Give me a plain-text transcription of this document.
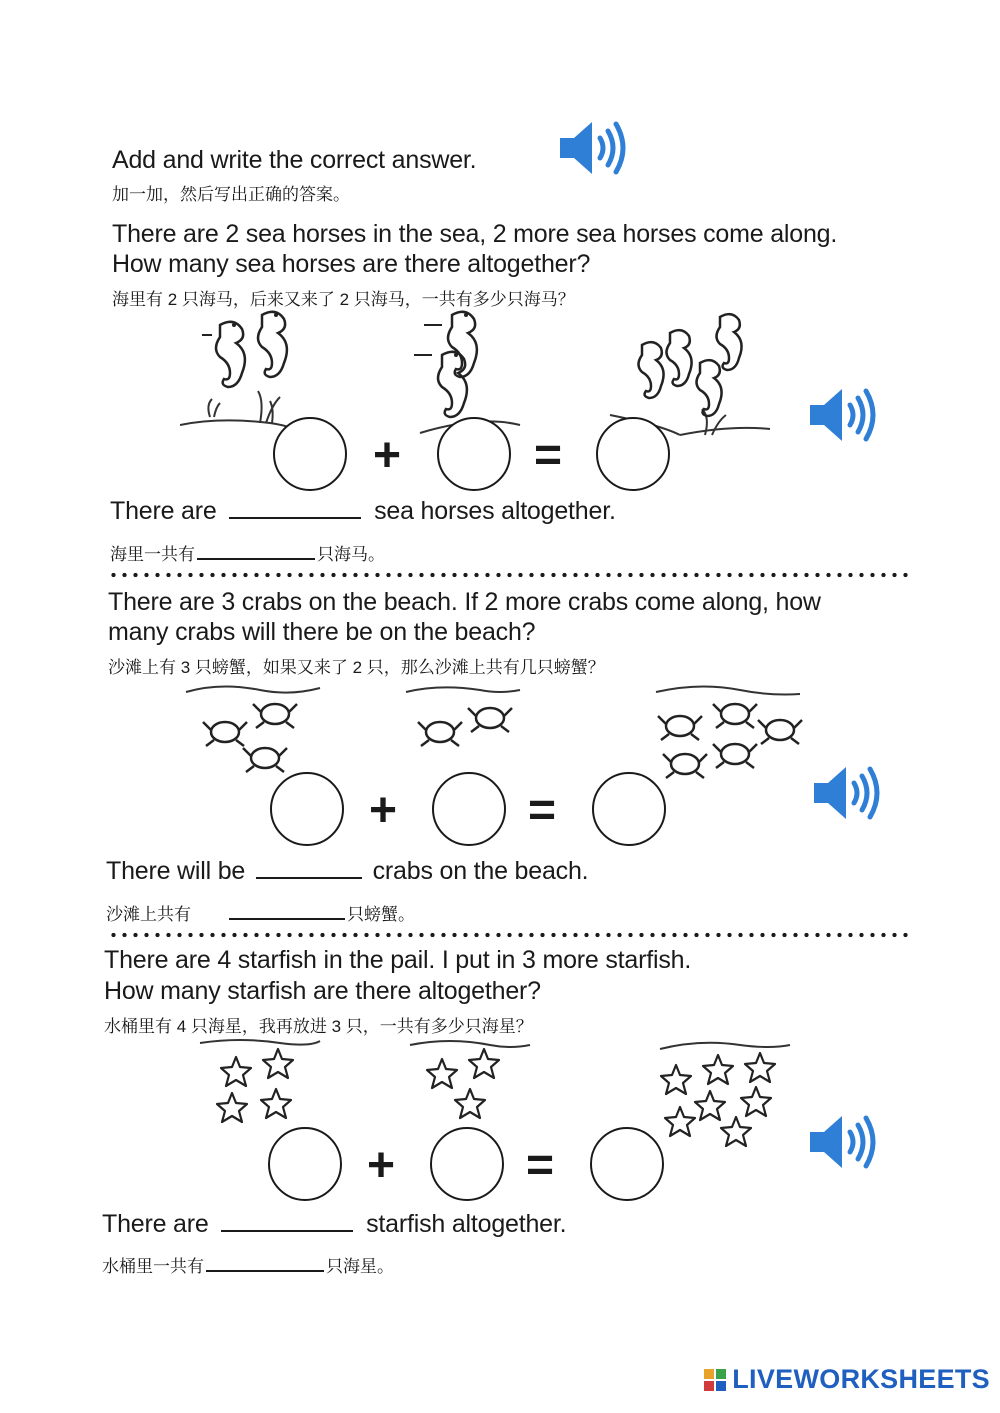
Add and write the correct answer.
加一加，然后写出正确的答案。
There are 2 sea horses in the sea, 2 more sea horses come along.
How many sea horses are there altogether?
海里有 2 只海马，后来又来了 2 只海马，一共有多少只海马？
+	=
There are	sea horses altogether.
海里一共有	只海马。
There are 3 crabs on the beach. If 2 more crabs come along, how
many crabs will there be on the beach?
沙滩上有 3 只螃蟹，如果又来了 2 只，那么沙滩上共有几只螃蟹？
+	=
There will be	crabs on the beach.
沙滩上共有	只螃蟹。
There are 4 starfish in the pail. I put in 3 more starfish.
How many starfish are there altogether?
水桶里有 4 只海星，我再放进 3 只，一共有多少只海星？
+	=
There are	starfish altogether.
水桶里一共有	只海星。
LIVEWORKSHEETS
